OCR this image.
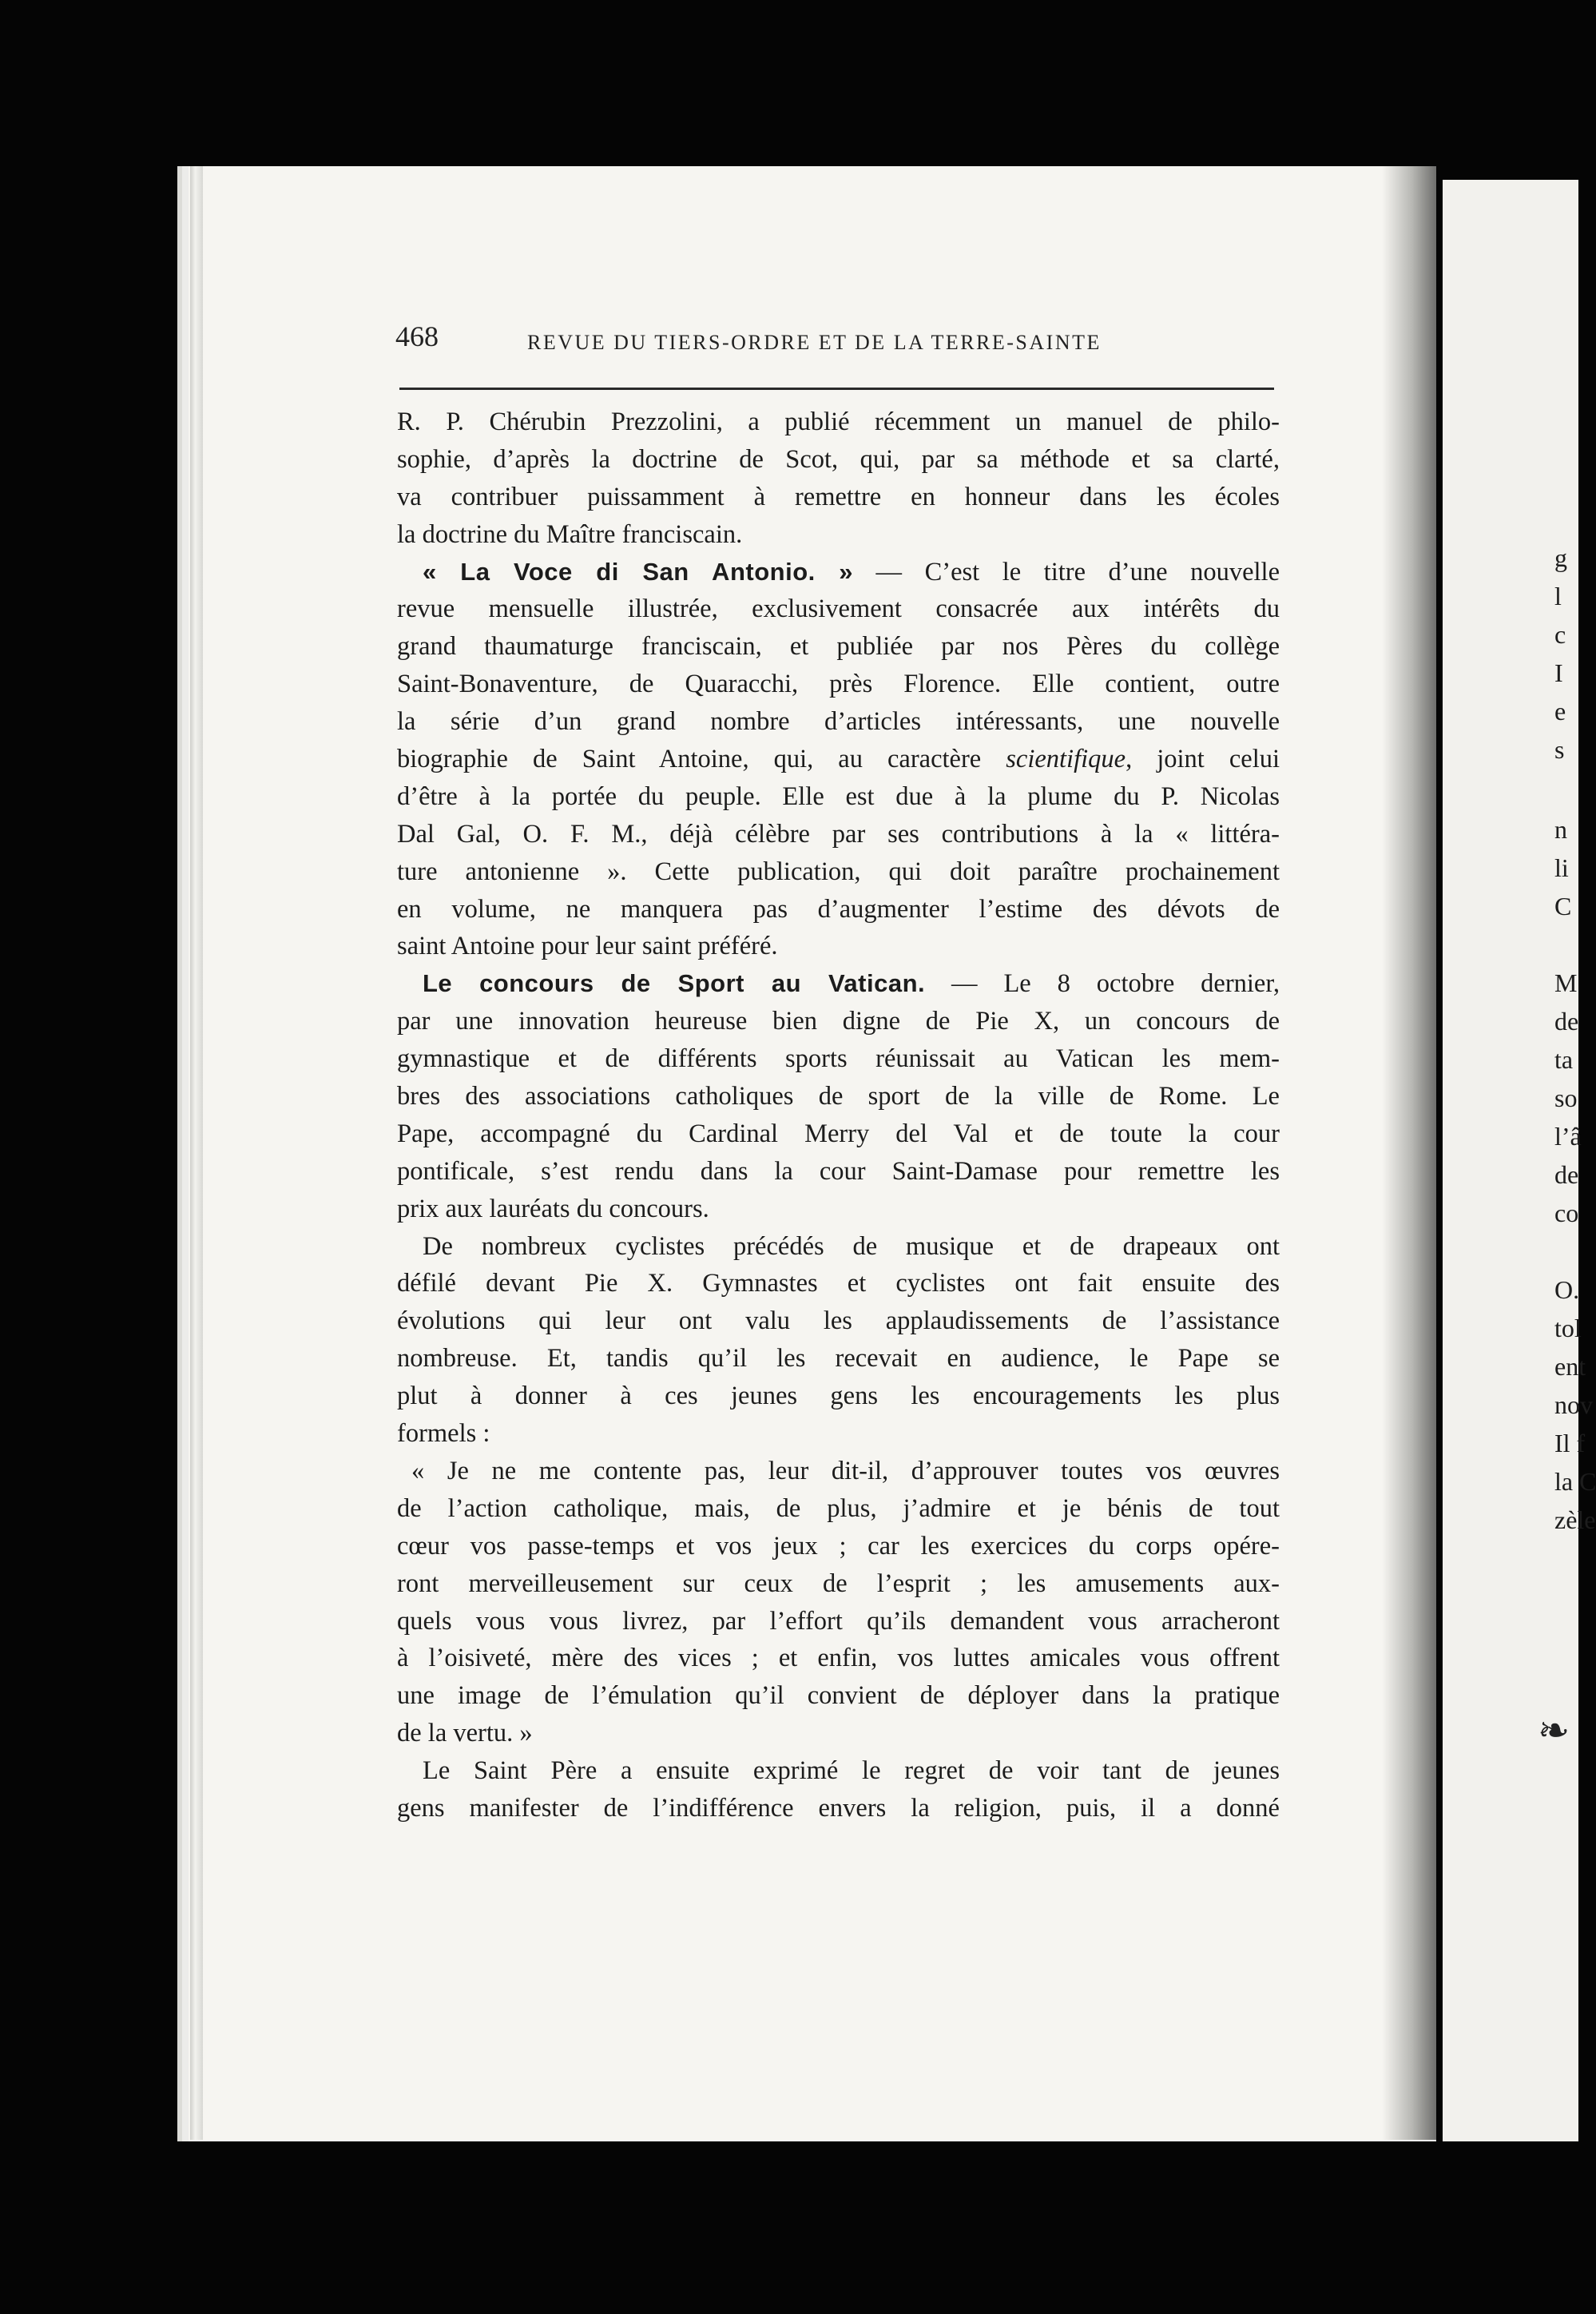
468	REVUE DU TIERS-ORDRE ET DE LA TERRE-SAINTE
R. P. Chérubin Prezzolini, a publié récemment un manuel de philo-
sophie, d’après la doctrine de Scot, qui, par sa méthode et sa clarté,
va contribuer puissamment à remettre en honneur dans les écoles
la doctrine du Maître franciscain.
« La Voce di San Antonio. » — C’est le titre d’une nouvelle
revue mensuelle illustrée, exclusivement consacrée aux intérêts du
grand thaumaturge franciscain, et publiée par nos Pères du collège
Saint-Bonaventure, de Quaracchi, près Florence. Elle contient, outre
la série d’un grand nombre d’articles intéressants, une nouvelle
biographie de Saint Antoine, qui, au caractère scientifique, joint celui
d’être à la portée du peuple. Elle est due à la plume du P. Nicolas
Dal Gal, O. F. M., déjà célèbre par ses contributions à la « littéra-
ture antonienne ». Cette publication, qui doit paraître prochainement
en volume, ne manquera pas d’augmenter l’estime des dévots de
saint Antoine pour leur saint préféré.
Le concours de Sport au Vatican. — Le 8 octobre dernier,
par une innovation heureuse bien digne de Pie X, un concours de
gymnastique et de différents sports réunissait au Vatican les mem-
bres des associations catholiques de sport de la ville de Rome. Le
Pape, accompagné du Cardinal Merry del Val et de toute la cour
pontificale, s’est rendu dans la cour Saint-Damase pour remettre les
prix aux lauréats du concours.
De nombreux cyclistes précédés de musique et de drapeaux ont
défilé devant Pie X. Gymnastes et cyclistes ont fait ensuite des
évolutions qui leur ont valu les applaudissements de l’assistance
nombreuse. Et, tandis qu’il les recevait en audience, le Pape se
plut à donner à ces jeunes gens les encouragements les plus
formels :
« Je ne me contente pas, leur dit-il, d’approuver toutes vos œuvres
de l’action catholique, mais, de plus, j’admire et je bénis de tout
cœur vos passe-temps et vos jeux ; car les exercices du corps opére-
ront merveilleusement sur ceux de l’esprit ; les amusements aux-
quels vous vous livrez, par l’effort qu’ils demandent vous arracheront
à l’oisiveté, mère des vices ; et enfin, vos luttes amicales vous offrent
une image de l’émulation qu’il convient de déployer dans la pratique
de la vertu. »
Le Saint Père a ensuite exprimé le regret de voir tant de jeunes
gens manifester de l’indifférence envers la religion, puis, il a donné
g
l
c
I
e
s
n
li
C
M
de
ta
so
l’â
de
co
O.
tol
ent
nov
Il f
la C
zèle
❧
